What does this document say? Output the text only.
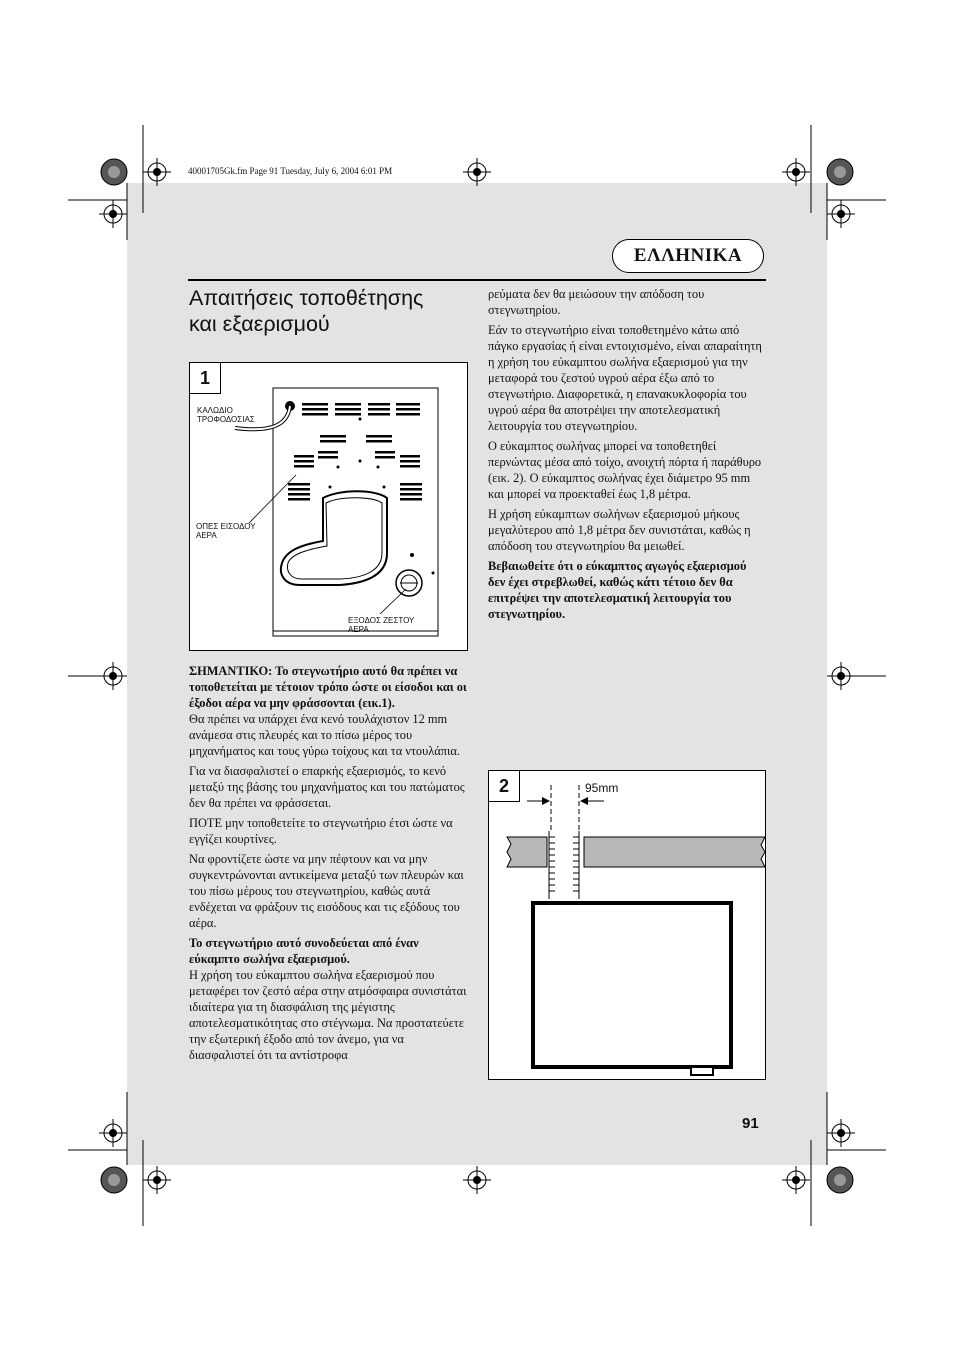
40001705Gk.fm Page 91 Tuesday, July 6, 2004 6:01 PM
ΕΛΛΗΝΙΚΑ
Απαιτήσεις τοποθέτησης
και εξαερισμού
1
ΚΑΛΩΔΙΟ
ΤΡΟΦΟΔΟΣΙΑΣ
ΟΠΕΣ ΕΙΣΟΔΟΥ
ΑΕΡΑ
ΕΞΟΔΟΣ ΖΕΣΤΟΥ
ΑΕΡΑ

ΣΗΜΑΝΤΙΚΟ: Το στεγνωτήριο αυτό θα πρέπει να τοποθετείται με τέτοιον τρόπο ώστε οι είσοδοι και οι έξοδοι αέρα να μην φράσσονται (εικ.1).
Θα πρέπει να υπάρχει ένα κενό τουλάχιστον 12 mm ανάμεσα στις πλευρές και το πίσω μέρος του μηχανήματος και τους γύρω τοίχους και τα ντουλάπια.

Για να διασφαλιστεί ο επαρκής εξαερισμός, το κενό μεταξύ της βάσης του μηχανήματος και του πατώματος δεν θα πρέπει να φράσσεται.

ΠΟΤΕ μην τοποθετείτε το στεγνωτήριο έτσι ώστε να εγγίζει κουρτίνες.

Να φροντίζετε ώστε να μην πέφτουν και να μην συγκεντρώνονται αντικείμενα μεταξύ των πλευρών και του πίσω μέρους του στεγνωτηρίου, καθώς αυτά ενδέχεται να φράξουν τις εισόδους και τις εξόδους του αέρα.

Το στεγνωτήριο αυτό συνοδεύεται από έναν εύκαμπτο σωλήνα εξαερισμού.
Η χρήση του εύκαμπτου σωλήνα εξαερισμού που μεταφέρει τον ζεστό αέρα στην ατμόσφαιρα συνιστάται ιδιαίτερα για τη διασφάλιση της μέγιστης αποτελεσματικότητας στο στέγνωμα. Να προστατεύετε την εξωτερική έξοδο από τον άνεμο, για να διασφαλιστεί ότι τα αντίστροφα

ρεύματα δεν θα μειώσουν την απόδοση του στεγνωτηρίου.

Εάν το στεγνωτήριο είναι τοποθετημένο κάτω από πάγκο εργασίας ή είναι εντοιχισμένο, είναι απαραίτητη η χρήση του εύκαμπτου σωλήνα εξαερισμού για την μεταφορά του ζεστού υγρού αέρα έξω από το στεγνωτήριο. Διαφορετικά, η επανακυκλοφορία του υγρού αέρα θα αποτρέψει την αποτελεσματική λειτουργία του στεγνωτηρίου.

Ο εύκαμπτος σωλήνας μπορεί να τοποθετηθεί περνώντας μέσα από τοίχο, ανοιχτή πόρτα ή παράθυρο (εικ. 2). Ο εύκαμπτος σωλήνας έχει διάμετρο 95 mm και μπορεί να προεκταθεί έως 1,8 μέτρα.

Η χρήση εύκαμπτων σωλήνων εξαερισμού μήκους μεγαλύτερου από 1,8 μέτρα δεν συνιστάται, καθώς η απόδοση του στεγνωτηρίου θα μειωθεί.

Βεβαιωθείτε ότι ο εύκαμπτος αγωγός εξαερισμού δεν έχει στρεβλωθεί, καθώς κάτι τέτοιο δεν θα επιτρέψει την αποτελεσματική λειτουργία του στεγνωτηρίου.

2	95mm
91
